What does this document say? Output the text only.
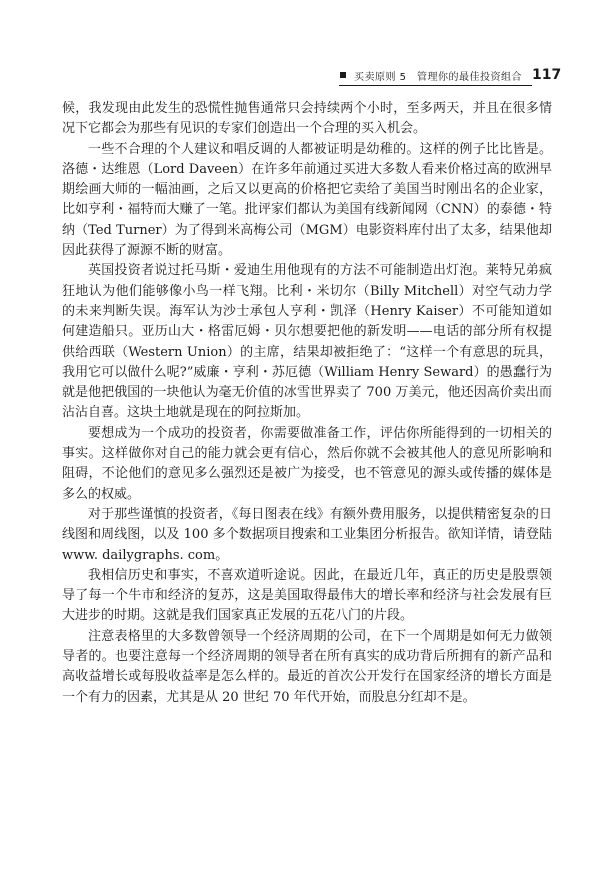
买卖原则 5　管理你的最佳投资组合 117

候，我发现由此发生的恐慌性抛售通常只会持续两个小时，至多两天，并且在很多情况下它都会为那些有见识的专家们创造出一个合理的买入机会。

一些不合理的个人建议和唱反调的人都被证明是幼稚的。这样的例子比比皆是。洛德・达维恩（Lord Daveen）在许多年前通过买进大多数人看来价格过高的欧洲早期绘画大师的一幅油画，之后又以更高的价格把它卖给了美国当时刚出名的企业家，比如亨利・福特而大赚了一笔。批评家们都认为美国有线新闻网（CNN）的泰德・特纳（Ted Turner）为了得到米高梅公司（MGM）电影资料库付出了太多，结果他却因此获得了源源不断的财富。

英国投资者说过托马斯・爱迪生用他现有的方法不可能制造出灯泡。莱特兄弟疯狂地认为他们能够像小鸟一样飞翔。比利・米切尔（Billy Mitchell）对空气动力学的未来判断失误。海军认为沙士承包人亨利・凯泽（Henry Kaiser）不可能知道如何建造船只。亚历山大・格雷厄姆・贝尔想要把他的新发明——电话的部分所有权提供给西联（Western Union）的主席，结果却被拒绝了：“这样一个有意思的玩具，我用它可以做什么呢?”威廉・亨利・苏厄德（William Henry Seward）的愚蠢行为就是他把俄国的一块他认为毫无价值的冰雪世界卖了 700 万美元，他还因高价卖出而沾沾自喜。这块土地就是现在的阿拉斯加。

要想成为一个成功的投资者，你需要做准备工作，评估你所能得到的一切相关的事实。这样做你对自己的能力就会更有信心，然后你就不会被其他人的意见所影响和阻碍，不论他们的意见多么强烈还是被广为接受，也不管意见的源头或传播的媒体是多么的权威。

对于那些谨慎的投资者，《每日图表在线》有额外费用服务，以提供精密复杂的日线图和周线图，以及 100 多个数据项目搜索和工业集团分析报告。欲知详情，请登陆 www. dailygraphs. com。

我相信历史和事实，不喜欢道听途说。因此，在最近几年，真正的历史是股票领导了每一个牛市和经济的复苏，这是美国取得最伟大的增长率和经济与社会发展有巨大进步的时期。这就是我们国家真正发展的五花八门的片段。

注意表格里的大多数曾领导一个经济周期的公司，在下一个周期是如何无力做领导者的。也要注意每一个经济周期的领导者在所有真实的成功背后所拥有的新产品和高收益增长或每股收益率是怎么样的。最近的首次公开发行在国家经济的增长方面是一个有力的因素，尤其是从 20 世纪 70 年代开始，而股息分红却不是。
